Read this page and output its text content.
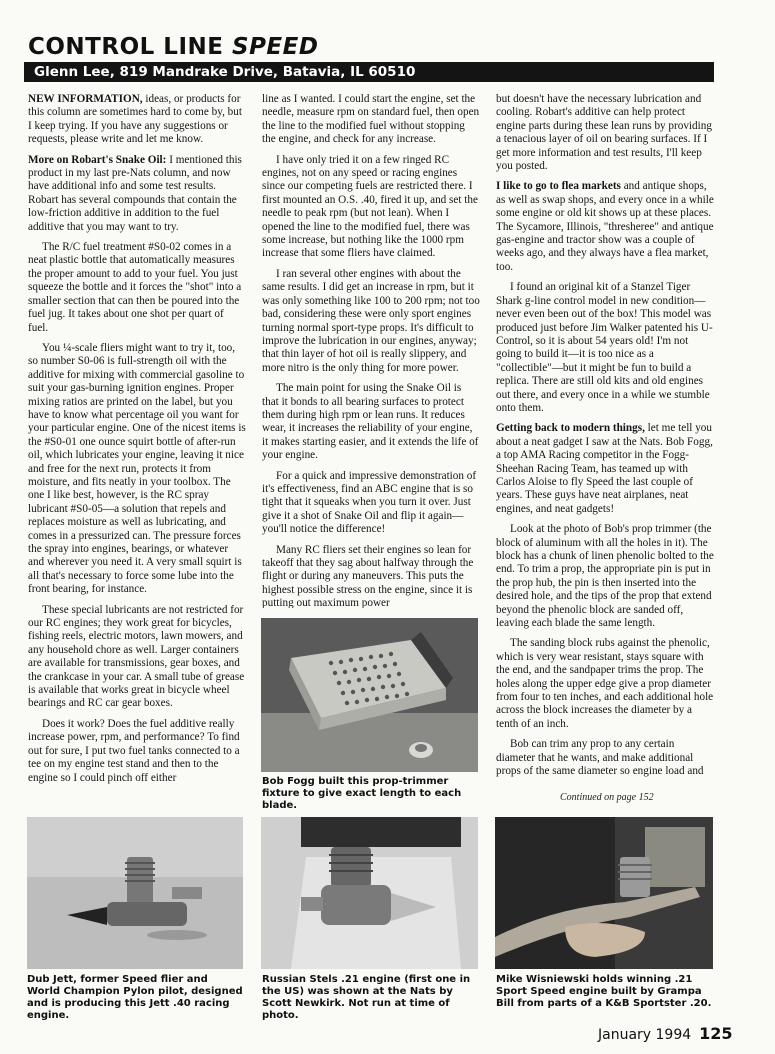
CONTROL LINE SPEED
Glenn Lee, 819 Mandrake Drive, Batavia, IL 60510

NEW INFORMATION, ideas, or products for this column are sometimes hard to come by, but I keep trying. If you have any suggestions or requests, please write and let me know.

More on Robart's Snake Oil: I mentioned this product in my last pre-Nats column, and now have additional info and some test results. Robart has several compounds that contain the low-friction additive in addition to the fuel additive that you may want to try.

The R/C fuel treatment #S0-02 comes in a neat plastic bottle that automatically measures the proper amount to add to your fuel. You just squeeze the bottle and it forces the "shot" into a smaller section that can then be poured into the fuel jug. It takes about one shot per quart of fuel.

You ¼-scale fliers might want to try it, too, so number S0-06 is full-strength oil with the additive for mixing with commercial gasoline to suit your gas-burning ignition engines. Proper mixing ratios are printed on the label, but you have to know what percentage oil you want for your particular engine. One of the nicest items is the #S0-01 one ounce squirt bottle of after-run oil, which lubricates your engine, leaving it nice and free for the next run, protects it from moisture, and fits neatly in your toolbox. The one I like best, however, is the RC spray lubricant #S0-05—a solution that repels and replaces moisture as well as lubricating, and comes in a pressurized can. The pressure forces the spray into engines, bearings, or whatever and wherever you need it. A very small squirt is all that's necessary to force some lube into the front bearing, for instance.

These special lubricants are not restricted for our RC engines; they work great for bicycles, fishing reels, electric motors, lawn mowers, and any household chore as well. Larger containers are available for transmissions, gear boxes, and the crankcase in your car. A small tube of grease is available that works great in bicycle wheel bearings and RC car gear boxes.

Does it work? Does the fuel additive really increase power, rpm, and performance? To find out for sure, I put two fuel tanks connected to a tee on my engine test stand and then to the engine so I could pinch off either

line as I wanted. I could start the engine, set the needle, measure rpm on standard fuel, then open the line to the modified fuel without stopping the engine, and check for any increase.

I have only tried it on a few ringed RC engines, not on any speed or racing engines since our competing fuels are restricted there. I first mounted an O.S. .40, fired it up, and set the needle to peak rpm (but not lean). When I opened the line to the modified fuel, there was some increase, but nothing like the 1000 rpm increase that some fliers have claimed.

I ran several other engines with about the same results. I did get an increase in rpm, but it was only something like 100 to 200 rpm; not too bad, considering these were only sport engines turning normal sport-type props. It's difficult to improve the lubrication in our engines, anyway; that thin layer of hot oil is really slippery, and more nitro is the only thing for more power.

The main point for using the Snake Oil is that it bonds to all bearing surfaces to protect them during high rpm or lean runs. It reduces wear, it increases the reliability of your engine, it makes starting easier, and it extends the life of your engine.

For a quick and impressive demonstration of it's effectiveness, find an ABC engine that is so tight that it squeaks when you turn it over. Just give it a shot of Snake Oil and flip it again—you'll notice the difference!

Many RC fliers set their engines so lean for takeoff that they sag about halfway through the flight or during any maneuvers. This puts the highest possible stress on the engine, since it is putting out maximum power

but doesn't have the necessary lubrication and cooling. Robart's additive can help protect engine parts during these lean runs by providing a tenacious layer of oil on bearing surfaces. If I get more information and test results, I'll keep you posted.

I like to go to flea markets and antique shops, as well as swap shops, and every once in a while some engine or old kit shows up at these places. The Sycamore, Illinois, "thresheree" and antique gas-engine and tractor show was a couple of weeks ago, and they always have a flea market, too.

I found an original kit of a Stanzel Tiger Shark g-line control model in new condition—never even been out of the box! This model was produced just before Jim Walker patented his U-Control, so it is about 54 years old! I'm not going to build it—it is too nice as a "collectible"—but it might be fun to build a replica. There are still old kits and old engines out there, and every once in a while we stumble onto them.

Getting back to modern things, let me tell you about a neat gadget I saw at the Nats. Bob Fogg, a top AMA Racing competitor in the Fogg-Sheehan Racing Team, has teamed up with Carlos Aloise to fly Speed the last couple of years. These guys have neat airplanes, neat engines, and neat gadgets!

Look at the photo of Bob's prop trimmer (the block of aluminum with all the holes in it). The block has a chunk of linen phenolic bolted to the end. To trim a prop, the appropriate pin is put in the prop hub, the pin is then inserted into the desired hole, and the tips of the prop that extend beyond the phenolic block are sanded off, leaving each blade the same length.

The sanding block rubs against the phenolic, which is very wear resistant, stays square with the end, and the sandpaper trims the prop. The holes along the upper edge give a prop diameter from four to ten inches, and each additional hole across the block increases the diameter by a tenth of an inch.

Bob can trim any prop to any certain diameter that he wants, and make additional props of the same diameter so engine load and

Continued on page 152
Bob Fogg built this prop-trimmer fixture to give exact length to each blade.
Dub Jett, former Speed flier and World Champion Pylon pilot, designed and is producing this Jett .40 racing engine.
Russian Stels .21 engine (first one in the US) was shown at the Nats by Scott Newkirk. Not run at time of photo.
Mike Wisniewski holds winning .21 Sport Speed engine built by Grampa Bill from parts of a K&B Sportster .20.
January 1994 125
